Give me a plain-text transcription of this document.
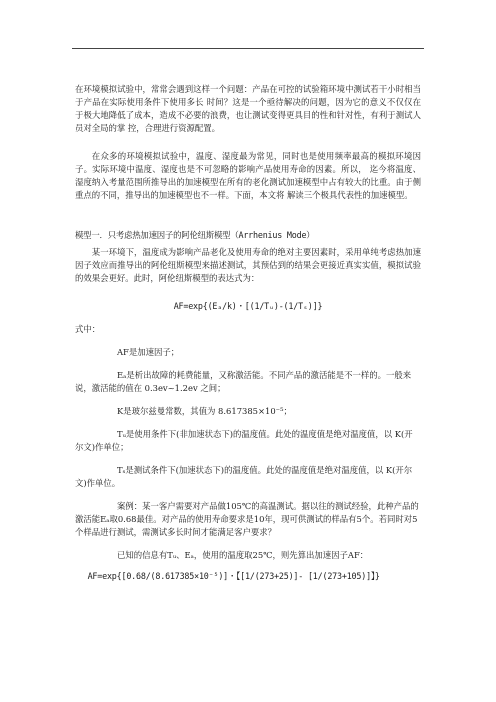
在环境模拟试验中，常常会遇到这样一个问题：产品在可控的试验箱环境中测试若干小时相当于产品在实际使用条件下使用多长 时间？这是一个亟待解决的问题，因为它的意义不仅仅在于极大地降低了成本，造成不必要的浪费，也让测试变得更具目的性和针对性，有利于测试人员对全局的掌 控，合理进行资源配置。

在众多的环境模拟试验中，温度、湿度最为常见，同时也是使用频率最高的模拟环境因子。实际环境中温度、湿度也是不可忽略的影响产品使用寿命的因素。所以， 迄今将温度、湿度纳入考量范围所推导出的加速模型在所有的老化测试加速模型中占有较大的比重。由于侧重点的不同，推导出的加速模型也不一样。下面，本文将 解读三个极具代表性的加速模型。

模型一．只考虑热加速因子的阿伦纽斯模型（Arrhenius Mode）

某一环境下，温度成为影响产品老化及使用寿命的绝对主要因素时，采用单纯考虑热加速因子效应而推导出的阿伦纽斯模型来描述测试，其预估到的结果会更接近真实实值，模拟试验的效果会更好。此时，阿伦纽斯模型的表达式为：

AF=exp{(Eₐ/k)・[(1/Tᵤ)-(1/Tₛ)]}

式中：

AF是加速因子；

Eₐ是析出故障的耗费能量，又称激活能。不同产品的激活能是不一样的。一般来说，激活能的值在 0.3ev~1.2ev 之间；

K是玻尔兹曼常数，其值为 8.617385×10⁻⁵；

Tᵤ是使用条件下(非加速状态下)的温度值。此处的温度值是绝对温度值，以 K(开尔文)作单位；

Tₛ是测试条件下(加速状态下)的温度值。此处的温度值是绝对温度值，以 K(开尔文)作单位。

案例：某一客户需要对产品做105℃的高温测试。据以往的测试经验，此种产品的激活能Eₐ取0.68最佳。对产品的使用寿命要求是10年，现可供测试的样品有5个。若同时对5个样品进行测试，需测试多长时间才能满足客户要求？

已知的信息有Tᵤ、Eₐ，使用的温度取25℃，则先算出加速因子AF：

AF=exp{[0.68/(8.617385×10⁻⁵)]・【[1/(273+25)]- [1/(273+105)]】}
